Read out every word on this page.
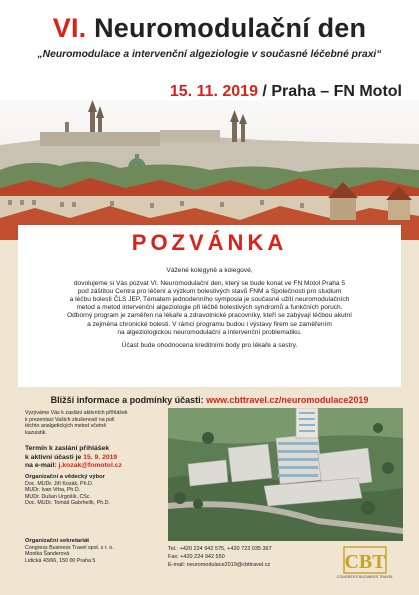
VI. Neuromodulační den
„Neuromodulace a intervenční algeziologie v současné léčebné praxi“
15. 11. 2019 / Praha – FN Motol
POZVÁNKA

Vážené kolegyně a kolegové,

dovolujeme si Vás pozvat VI. Neuromodulační den, který se bude konat ve FN Motol Praha 5

pod záštitou Centra pro léčení a výzkum bolestivých stavů FNM a Společnosti pro studium

a léčbu bolesti ČLS JEP. Tématem jednodenního symposia je současné užití neuromodulačních

metod a metod intervenční algeziologie při léčbě bolestivých syndromů a funkčních poruch.

Odborný program je zaměřen na lékaře a zdravotnické pracovníky, kteří se zabývají léčbou akutní

a zejména chronické bolesti. V rámci programu budou i výstavy firem se zaměřením

na algeziologickou neuromodulační a intervenční problematiku.

Účast bude ohodnocena kreditními body pro lékaře a sestry.

Bližší informace a podmínky účasti: www.cbttravel.cz/neuromodulace2019

Vyzýváme Vás k zaslání aktivních příhlášek

k prezentaci Vašich zkušeností na poli

těchto analgetických metod včetně

kazuistik.

Termín k zaslání přihlášek

k aktivní účasti je 15. 9. 2019

na e-mail: j.kozak@fnmotol.cz

Organizační a vědecký výbor

Doc. MUDr. Jiří Kozák, Ph.D.

MUDr. Ivan Vrba, Ph.D.

MUDr. Dušan Urgošík, CSc.

Doc. MUDr. Tomáš Gabrhelík, Ph.D.

Organizační sekretariát

Congress Business Travel spol. s r. o.

Monika Šanderová

Lidická 43/66, 150 00 Praha 5

Tel.: +420 224 942 575, +420 723 035 367

Fax: +420 224 942 550

E-mail: neuromodulace2019@cbttravel.cz	CBT
CONGRESS BUSINESS TRAVEL
